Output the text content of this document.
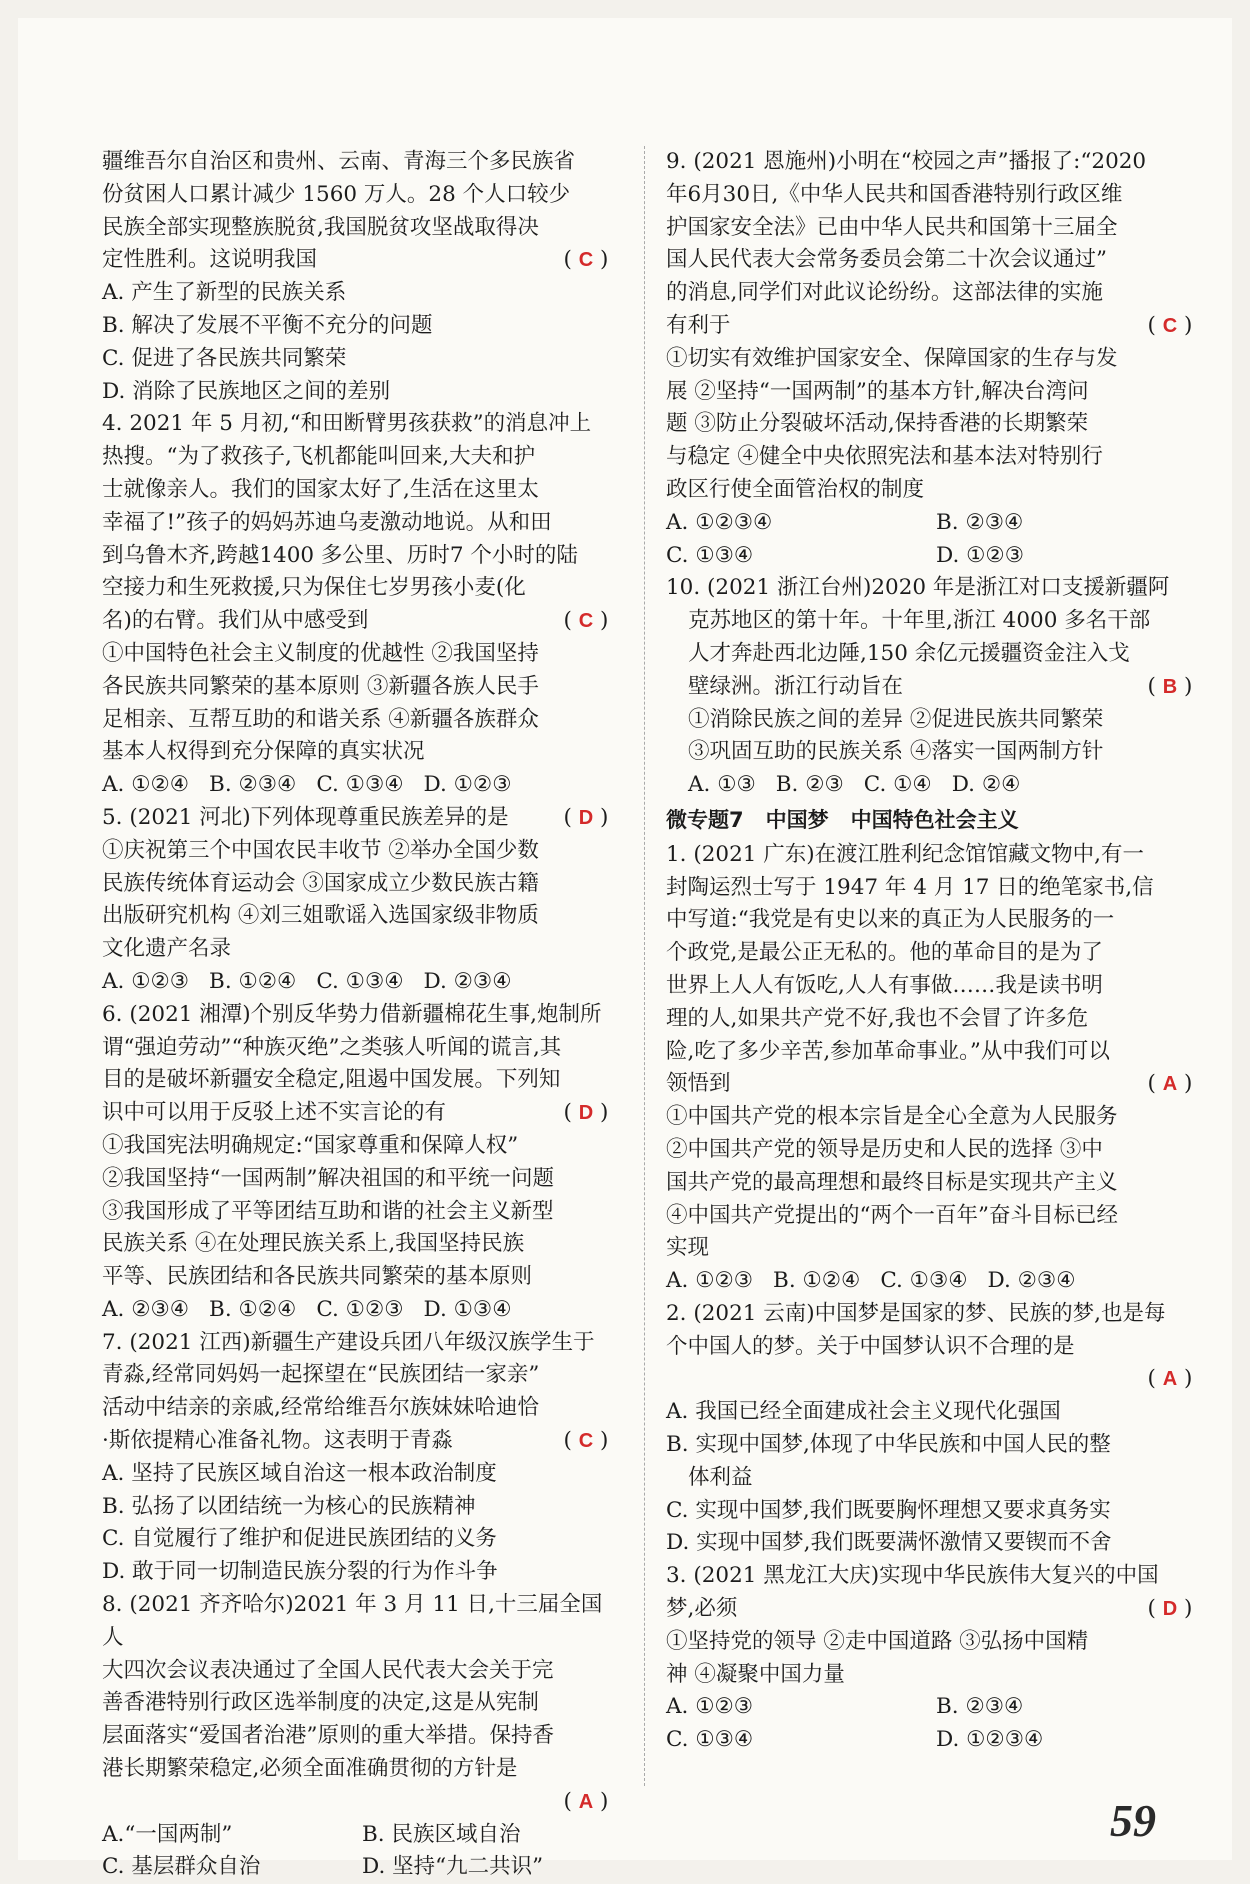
疆维吾尔自治区和贵州、云南、青海三个多民族省

份贫困人口累计减少 1560 万人。28 个人口较少

民族全部实现整族脱贫,我国脱贫攻坚战取得决

定性胜利。这说明我国	( C )

A. 产生了新型的民族关系

B. 解决了发展不平衡不充分的问题

C. 促进了各民族共同繁荣

D. 消除了民族地区之间的差别

4. 2021 年 5 月初,“和田断臂男孩获救”的消息冲上

热搜。“为了救孩子,飞机都能叫回来,大夫和护

士就像亲人。我们的国家太好了,生活在这里太

幸福了!”孩子的妈妈苏迪乌麦激动地说。从和田

到乌鲁木齐,跨越1400 多公里、历时7 个小时的陆

空接力和生死救援,只为保住七岁男孩小麦(化

名)的右臂。我们从中感受到	( C )

①中国特色社会主义制度的优越性 ②我国坚持

各民族共同繁荣的基本原则 ③新疆各族人民手

足相亲、互帮互助的和谐关系 ④新疆各族群众

基本人权得到充分保障的真实状况

A. ①②④ B. ②③④ C. ①③④ D. ①②③
5. (2021 河北)下列体现尊重民族差异的是	( D )

①庆祝第三个中国农民丰收节 ②举办全国少数

民族传统体育运动会 ③国家成立少数民族古籍

出版研究机构 ④刘三姐歌谣入选国家级非物质

文化遗产名录

A. ①②③ B. ①②④ C. ①③④ D. ②③④

6. (2021 湘潭)个别反华势力借新疆棉花生事,炮制所

谓“强迫劳动”“种族灭绝”之类骇人听闻的谎言,其

目的是破坏新疆安全稳定,阻遏中国发展。下列知

识中可以用于反驳上述不实言论的有	( D )

①我国宪法明确规定:“国家尊重和保障人权”

②我国坚持“一国两制”解决祖国的和平统一问题

③我国形成了平等团结互助和谐的社会主义新型

民族关系 ④在处理民族关系上,我国坚持民族

平等、民族团结和各民族共同繁荣的基本原则

A. ②③④ B. ①②④ C. ①②③ D. ①③④

7. (2021 江西)新疆生产建设兵团八年级汉族学生于

青淼,经常同妈妈一起探望在“民族团结一家亲”

活动中结亲的亲戚,经常给维吾尔族妹妹哈迪恰

·斯依提精心准备礼物。这表明于青淼	( C )

A. 坚持了民族区域自治这一根本政治制度

B. 弘扬了以团结统一为核心的民族精神

C. 自觉履行了维护和促进民族团结的义务

D. 敢于同一切制造民族分裂的行为作斗争

8. (2021 齐齐哈尔)2021 年 3 月 11 日,十三届全国人

大四次会议表决通过了全国人民代表大会关于完

善香港特别行政区选举制度的决定,这是从宪制

层面落实“爱国者治港”原则的重大举措。保持香

港长期繁荣稳定,必须全面准确贯彻的方针是

( A )
A.“一国两制”	B. 民族区域自治
C. 基层群众自治	D. 坚持“九二共识”

9. (2021 恩施州)小明在“校园之声”播报了:“2020

年6月30日,《中华人民共和国香港特别行政区维

护国家安全法》已由中华人民共和国第十三届全

国人民代表大会常务委员会第二十次会议通过”

的消息,同学们对此议论纷纷。这部法律的实施

有利于	( C )

①切实有效维护国家安全、保障国家的生存与发

展 ②坚持“一国两制”的基本方针,解决台湾问

题 ③防止分裂破坏活动,保持香港的长期繁荣

与稳定 ④健全中央依照宪法和基本法对特别行

政区行使全面管治权的制度

A. ①②③④	B. ②③④
C. ①③④	D. ①②③

10. (2021 浙江台州)2020 年是浙江对口支援新疆阿

克苏地区的第十年。十年里,浙江 4000 多名干部

人才奔赴西北边陲,150 余亿元援疆资金注入戈

壁绿洲。浙江行动旨在	( B )

①消除民族之间的差异 ②促进民族共同繁荣

③巩固互助的民族关系 ④落实一国两制方针

A. ①③ B. ②③ C. ①④ D. ②④
微专题7 中国梦 中国特色社会主义

1. (2021 广东)在渡江胜利纪念馆馆藏文物中,有一

封陶运烈士写于 1947 年 4 月 17 日的绝笔家书,信

中写道:“我党是有史以来的真正为人民服务的一

个政党,是最公正无私的。他的革命目的是为了

世界上人人有饭吃,人人有事做……我是读书明

理的人,如果共产党不好,我也不会冒了许多危

险,吃了多少辛苦,参加革命事业。”从中我们可以

领悟到	( A )

①中国共产党的根本宗旨是全心全意为人民服务

②中国共产党的领导是历史和人民的选择 ③中

国共产党的最高理想和最终目标是实现共产主义

④中国共产党提出的“两个一百年”奋斗目标已经

实现

A. ①②③ B. ①②④ C. ①③④ D. ②③④

2. (2021 云南)中国梦是国家的梦、民族的梦,也是每

个中国人的梦。关于中国梦认识不合理的是

( A )

A. 我国已经全面建成社会主义现代化强国

B. 实现中国梦,体现了中华民族和中国人民的整

体利益

C. 实现中国梦,我们既要胸怀理想又要求真务实

D. 实现中国梦,我们既要满怀激情又要锲而不舍

3. (2021 黑龙江大庆)实现中华民族伟大复兴的中国

梦,必须	( D )

①坚持党的领导 ②走中国道路 ③弘扬中国精

神 ④凝聚中国力量

A. ①②③	B. ②③④
C. ①③④	D. ①②③④
59
